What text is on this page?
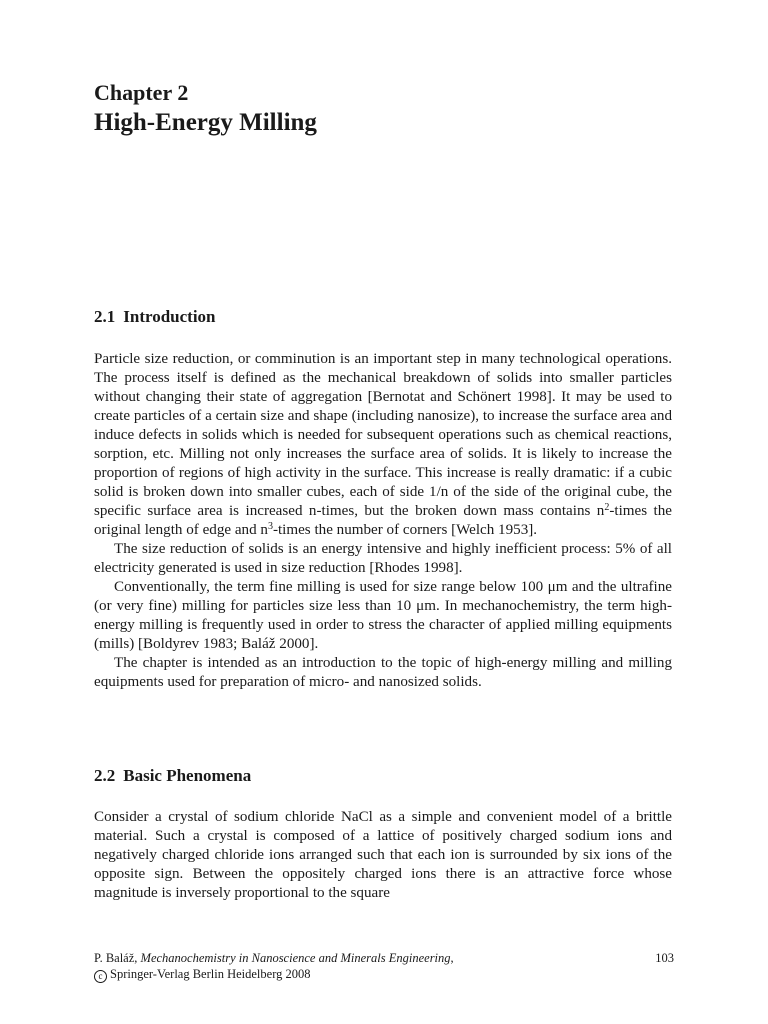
Chapter 2
High-Energy Milling
2.1 Introduction

Particle size reduction, or comminution is an important step in many technological operations. The process itself is defined as the mechanical breakdown of solids into smaller particles without changing their state of aggregation [Bernotat and Schönert 1998]. It may be used to create particles of a certain size and shape (including nanosize), to increase the surface area and induce defects in solids which is needed for subsequent operations such as chemical reactions, sorption, etc. Milling not only increases the surface area of solids. It is likely to increase the proportion of regions of high activity in the surface. This increase is really dramatic: if a cubic solid is broken down into smaller cubes, each of side 1/n of the side of the original cube, the specific surface area is increased n-times, but the broken down mass contains $n^2$-times the original length of edge and $n^3$-times the number of corners [Welch 1953].

The size reduction of solids is an energy intensive and highly inefficient process: 5% of all electricity generated is used in size reduction [Rhodes 1998].

Conventionally, the term fine milling is used for size range below 100 μm and the ultrafine (or very fine) milling for particles size less than 10 μm. In mechanochemistry, the term high-energy milling is frequently used in order to stress the character of applied milling equipments (mills) [Boldyrev 1983; Baláž 2000].

The chapter is intended as an introduction to the topic of high-energy milling and milling equipments used for preparation of micro- and nanosized solids.

2.2 Basic Phenomena

Consider a crystal of sodium chloride NaCl as a simple and convenient model of a brittle material. Such a crystal is composed of a lattice of positively charged sodium ions and negatively charged chloride ions arranged such that each ion is surrounded by six ions of the opposite sign. Between the oppositely charged ions there is an attractive force whose magnitude is inversely proportional to the square

P. Baláž, Mechanochemistry in Nanoscience and Minerals Engineering,
c Springer-Verlag Berlin Heidelberg 2008
103
